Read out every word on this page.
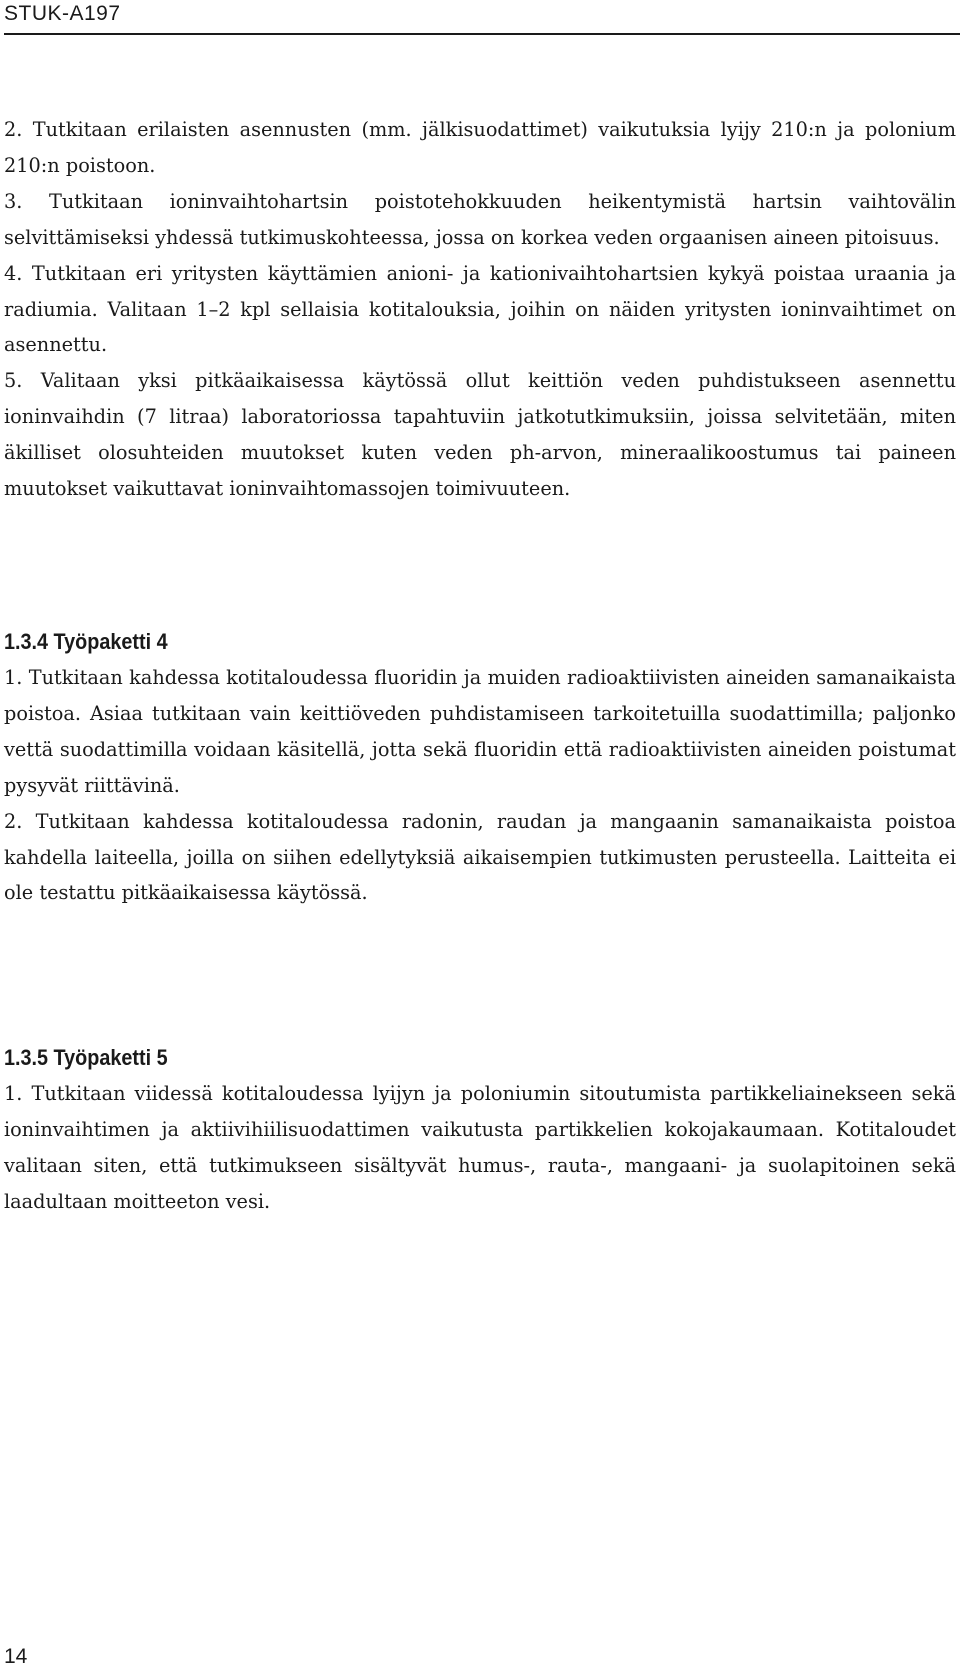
STUK-A197

2. Tutkitaan erilaisten asennusten (mm. jälkisuodattimet) vaikutuksia lyijy 210:n ja polonium 210:n poistoon.

3. Tutkitaan ioninvaihtohartsin poistotehokkuuden heikentymistä hartsin vaihtovälin selvittämiseksi yhdessä tutkimuskohteessa, jossa on korkea veden orgaanisen aineen pitoisuus.

4. Tutkitaan eri yritysten käyttämien anioni- ja kationivaihtohartsien kykyä poistaa uraania ja radiumia. Valitaan 1–2 kpl sellaisia kotitalouksia, joihin on näiden yritysten ioninvaihtimet on asennettu.

5. Valitaan yksi pitkäaikaisessa käytössä ollut keittiön veden puhdistukseen asennettu ioninvaihdin (7 litraa) laboratoriossa tapahtuviin jatkotutkimuksiin, joissa selvitetään, miten äkilliset olosuhteiden muutokset kuten veden ph-arvon, mineraalikoostumus tai paineen muutokset vaikuttavat ioninvaihtomassojen toimivuuteen.

1.3.4 Työpaketti 4

1. Tutkitaan kahdessa kotitaloudessa fluoridin ja muiden radioaktiivisten aineiden samanaikaista poistoa. Asiaa tutkitaan vain keittiöveden puhdistamiseen tarkoitetuilla suodattimilla; paljonko vettä suodattimilla voidaan käsitellä, jotta sekä fluoridin että radioaktiivisten aineiden poistumat pysyvät riittävinä.

2. Tutkitaan kahdessa kotitaloudessa radonin, raudan ja mangaanin samanaikaista poistoa kahdella laiteella, joilla on siihen edellytyksiä aikaisempien tutkimusten perusteella. Laitteita ei ole testattu pitkäaikaisessa käytössä.

1.3.5 Työpaketti 5

1. Tutkitaan viidessä kotitaloudessa lyijyn ja poloniumin sitoutumista partikkeliainekseen sekä ioninvaihtimen ja aktiivihiilisuodattimen vaikutusta partikkelien kokojakaumaan. Kotitaloudet valitaan siten, että tutkimukseen sisältyvät humus-, rauta-, mangaani- ja suolapitoinen sekä laadultaan moitteeton vesi.

14
